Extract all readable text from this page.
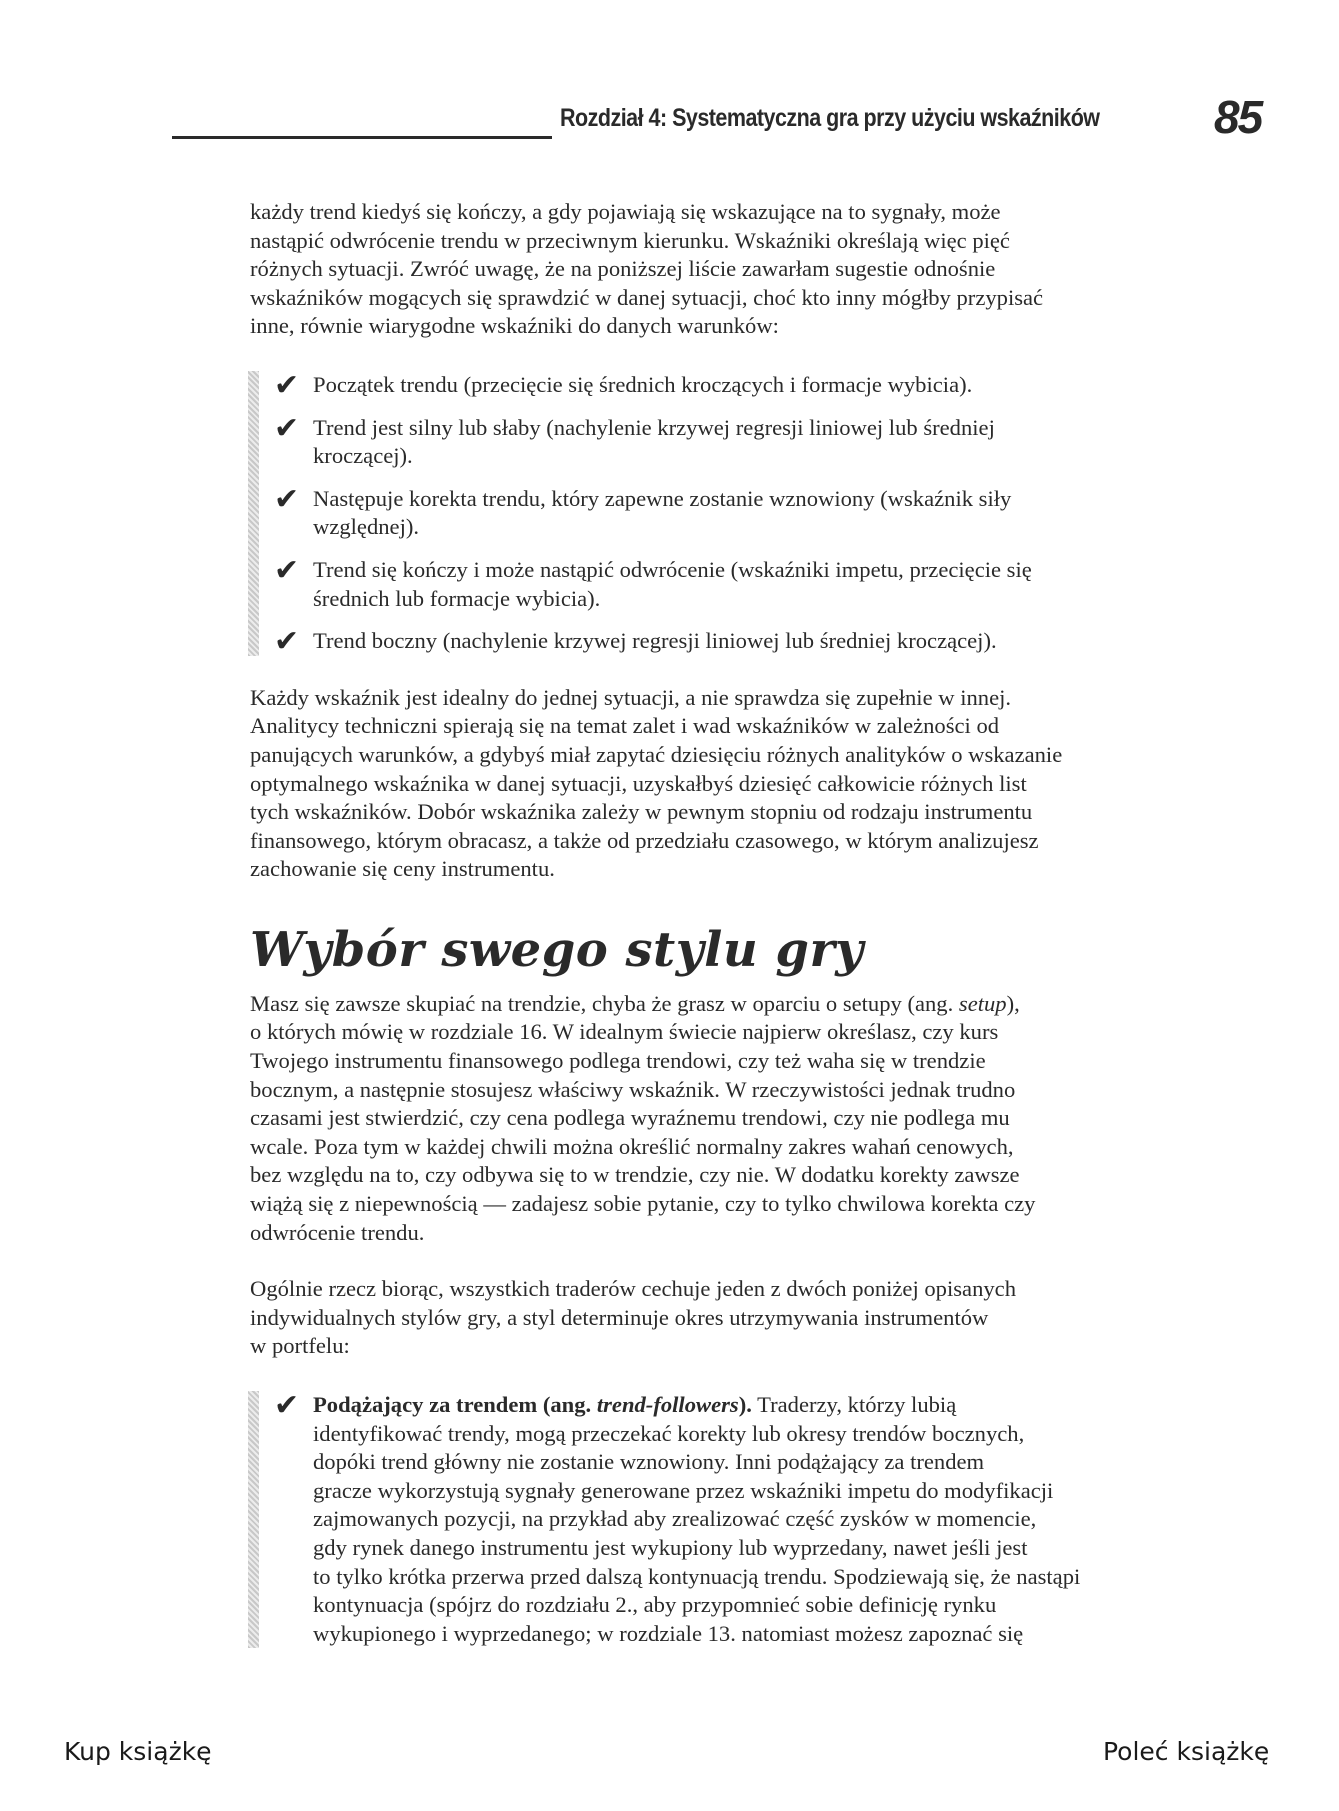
Rozdział 4: Systematyczna gra przy użyciu wskaźników 85

każdy trend kiedyś się kończy, a gdy pojawiają się wskazujące na to sygnały, może
nastąpić odwrócenie trendu w przeciwnym kierunku. Wskaźniki określają więc pięć
różnych sytuacji. Zwróć uwagę, że na poniższej liście zawarłam sugestie odnośnie
wskaźników mogących się sprawdzić w danej sytuacji, choć kto inny mógłby przypisać
inne, równie wiarygodne wskaźniki do danych warunków:

✔ Początek trendu (przecięcie się średnich kroczących i formacje wybicia).
✔ Trend jest silny lub słaby (nachylenie krzywej regresji liniowej lub średniej
kroczącej).
✔ Następuje korekta trendu, który zapewne zostanie wznowiony (wskaźnik siły
względnej).
✔ Trend się kończy i może nastąpić odwrócenie (wskaźniki impetu, przecięcie się
średnich lub formacje wybicia).
✔ Trend boczny (nachylenie krzywej regresji liniowej lub średniej kroczącej).

Każdy wskaźnik jest idealny do jednej sytuacji, a nie sprawdza się zupełnie w innej.
Analitycy techniczni spierają się na temat zalet i wad wskaźników w zależności od
panujących warunków, a gdybyś miał zapytać dziesięciu różnych analityków o wskazanie
optymalnego wskaźnika w danej sytuacji, uzyskałbyś dziesięć całkowicie różnych list
tych wskaźników. Dobór wskaźnika zależy w pewnym stopniu od rodzaju instrumentu
finansowego, którym obracasz, a także od przedziału czasowego, w którym analizujesz
zachowanie się ceny instrumentu.

Wybór swego stylu gry

Masz się zawsze skupiać na trendzie, chyba że grasz w oparciu o setupy (ang. setup),
o których mówię w rozdziale 16. W idealnym świecie najpierw określasz, czy kurs
Twojego instrumentu finansowego podlega trendowi, czy też waha się w trendzie
bocznym, a następnie stosujesz właściwy wskaźnik. W rzeczywistości jednak trudno
czasami jest stwierdzić, czy cena podlega wyraźnemu trendowi, czy nie podlega mu
wcale. Poza tym w każdej chwili można określić normalny zakres wahań cenowych,
bez względu na to, czy odbywa się to w trendzie, czy nie. W dodatku korekty zawsze
wiążą się z niepewnością — zadajesz sobie pytanie, czy to tylko chwilowa korekta czy
odwrócenie trendu.

Ogólnie rzecz biorąc, wszystkich traderów cechuje jeden z dwóch poniżej opisanych
indywidualnych stylów gry, a styl determinuje okres utrzymywania instrumentów
w portfelu:

✔ Podążający za trendem (ang. trend-followers). Traderzy, którzy lubią
identyfikować trendy, mogą przeczekać korekty lub okresy trendów bocznych,
dopóki trend główny nie zostanie wznowiony. Inni podążający za trendem
gracze wykorzystują sygnały generowane przez wskaźniki impetu do modyfikacji
zajmowanych pozycji, na przykład aby zrealizować część zysków w momencie,
gdy rynek danego instrumentu jest wykupiony lub wyprzedany, nawet jeśli jest
to tylko krótka przerwa przed dalszą kontynuacją trendu. Spodziewają się, że nastąpi
kontynuacja (spójrz do rozdziału 2., aby przypomnieć sobie definicję rynku
wykupionego i wyprzedanego; w rozdziale 13. natomiast możesz zapoznać się
Kup książkę	Poleć książkę
